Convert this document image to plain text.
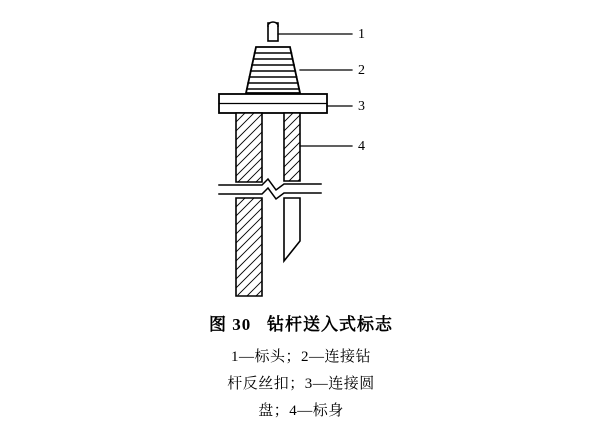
1
2
3
4
图 30 钻杆送入式标志
1—标头；2—连接钻
杆反丝扣；3—连接圆
盘；4—标身
